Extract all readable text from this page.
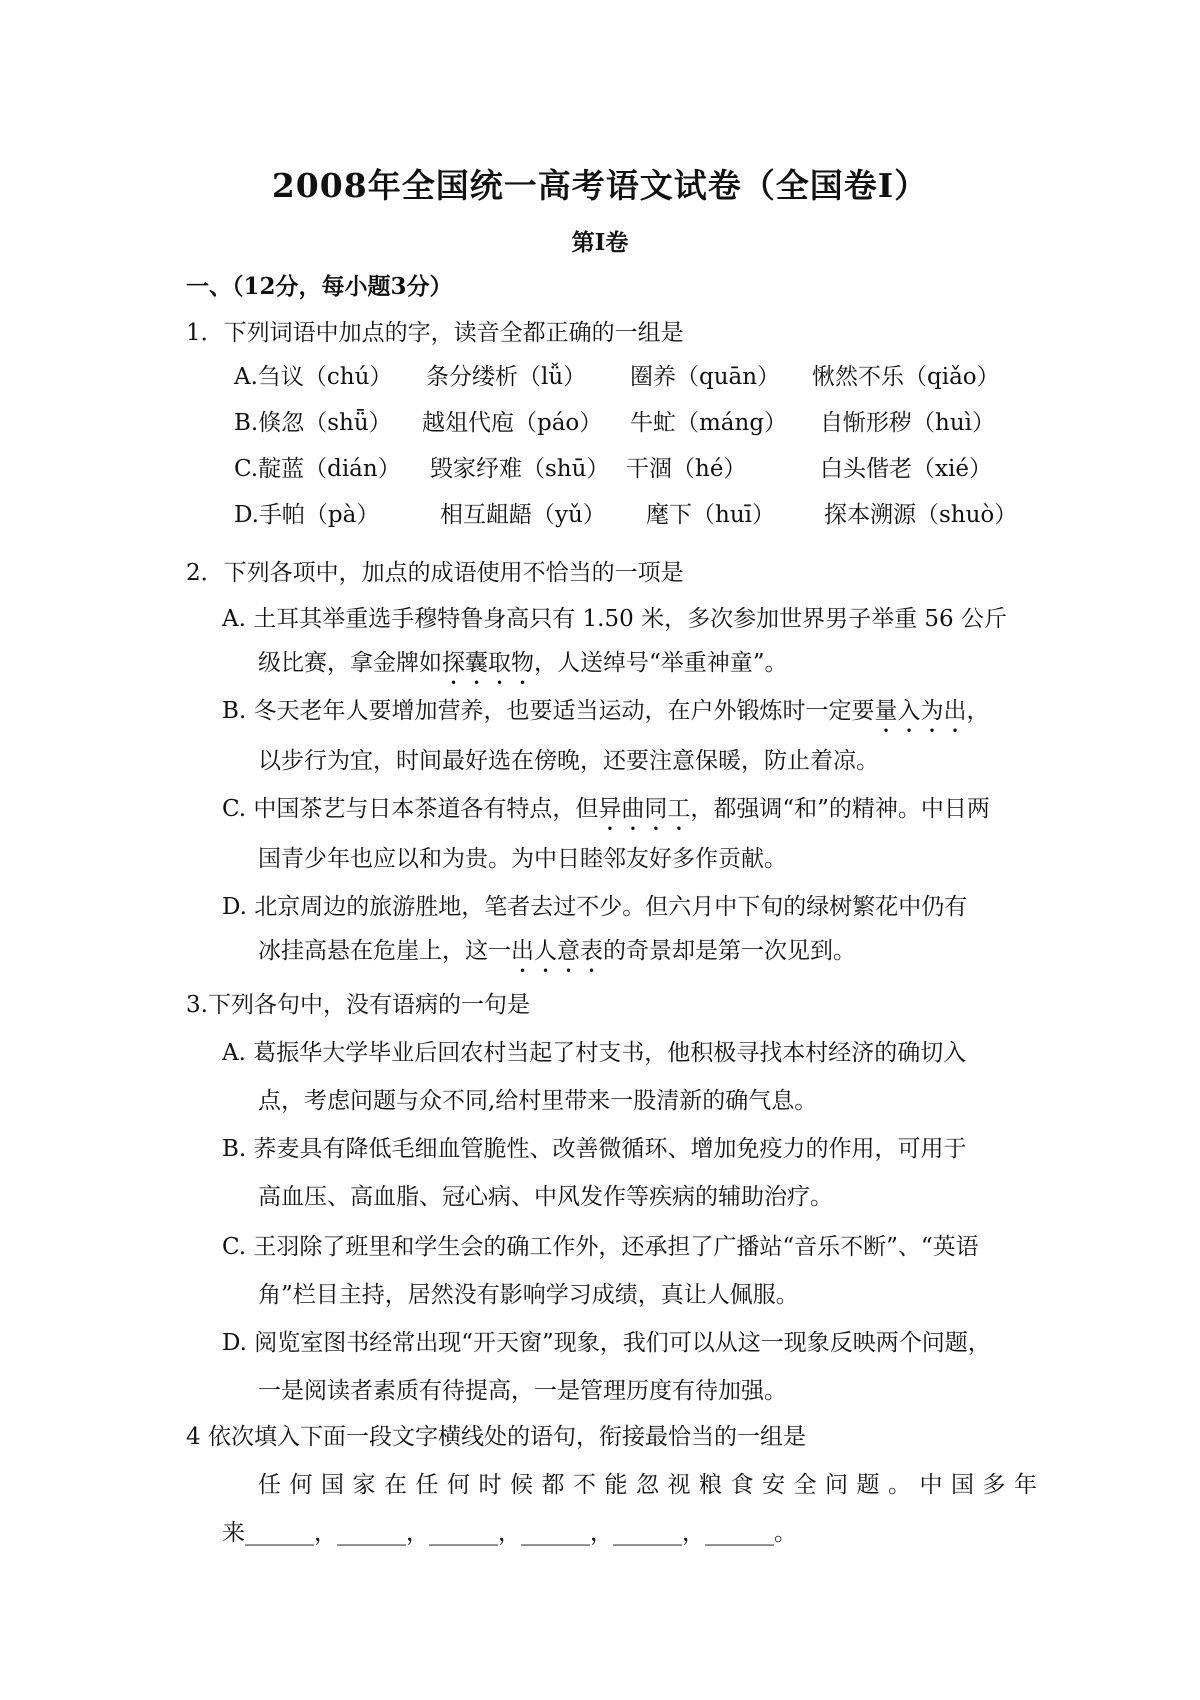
2008年全国统一高考语文试卷（全国卷Ⅰ）
第Ⅰ卷
一、（12分，每小题3分）
1．下列词语中加点的字，读音全都正确的一组是
A.刍议（chú） 条分缕析（lǚ） 圈养（quān） 愀然不乐（qiǎo）
B.倏忽（shǖ） 越俎代庖（páo） 牛虻（máng） 自惭形秽（huì）
C.靛蓝（dián） 毁家纾难（shū） 干涸（hé）	白头偕老（xié）
D.手帕（pà）	相互龃龉（yǔ） 麾下（huī） 探本溯源（shuò）
2．下列各项中，加点的成语使用不恰当的一项是
A. 土耳其举重选手穆特鲁身高只有 1.50 米，多次参加世界男子举重 56 公斤
级比赛，拿金牌如探囊取物，人送绰号“举重神童”。
B. 冬天老年人要增加营养，也要适当运动，在户外锻炼时一定要量入为出，
以步行为宜，时间最好选在傍晚，还要注意保暖，防止着凉。
C. 中国茶艺与日本茶道各有特点，但异曲同工，都强调“和”的精神。中日两
国青少年也应以和为贵。为中日睦邻友好多作贡献。
D. 北京周边的旅游胜地，笔者去过不少。但六月中下旬的绿树繁花中仍有
冰挂高悬在危崖上，这一出人意表的奇景却是第一次见到。
3.下列各句中，没有语病的一句是
A. 葛振华大学毕业后回农村当起了村支书，他积极寻找本村经济的确切入
点，考虑问题与众不同,给村里带来一股清新的确气息。
B. 荞麦具有降低毛细血管脆性、改善微循环、增加免疫力的作用，可用于
高血压、高血脂、冠心病、中风发作等疾病的辅助治疗。
C. 王羽除了班里和学生会的确工作外，还承担了广播站“音乐不断”、“英语
角”栏目主持，居然没有影响学习成绩，真让人佩服。
D. 阅览室图书经常出现“开天窗”现象，我们可以从这一现象反映两个问题，
一是阅读者素质有待提高，一是管理历度有待加强。
4 依次填入下面一段文字横线处的语句，衔接最恰当的一组是
任何国家在任何时候都不能忽视粮食安全问题。中国多年
来______，______，______，______，______，______。
